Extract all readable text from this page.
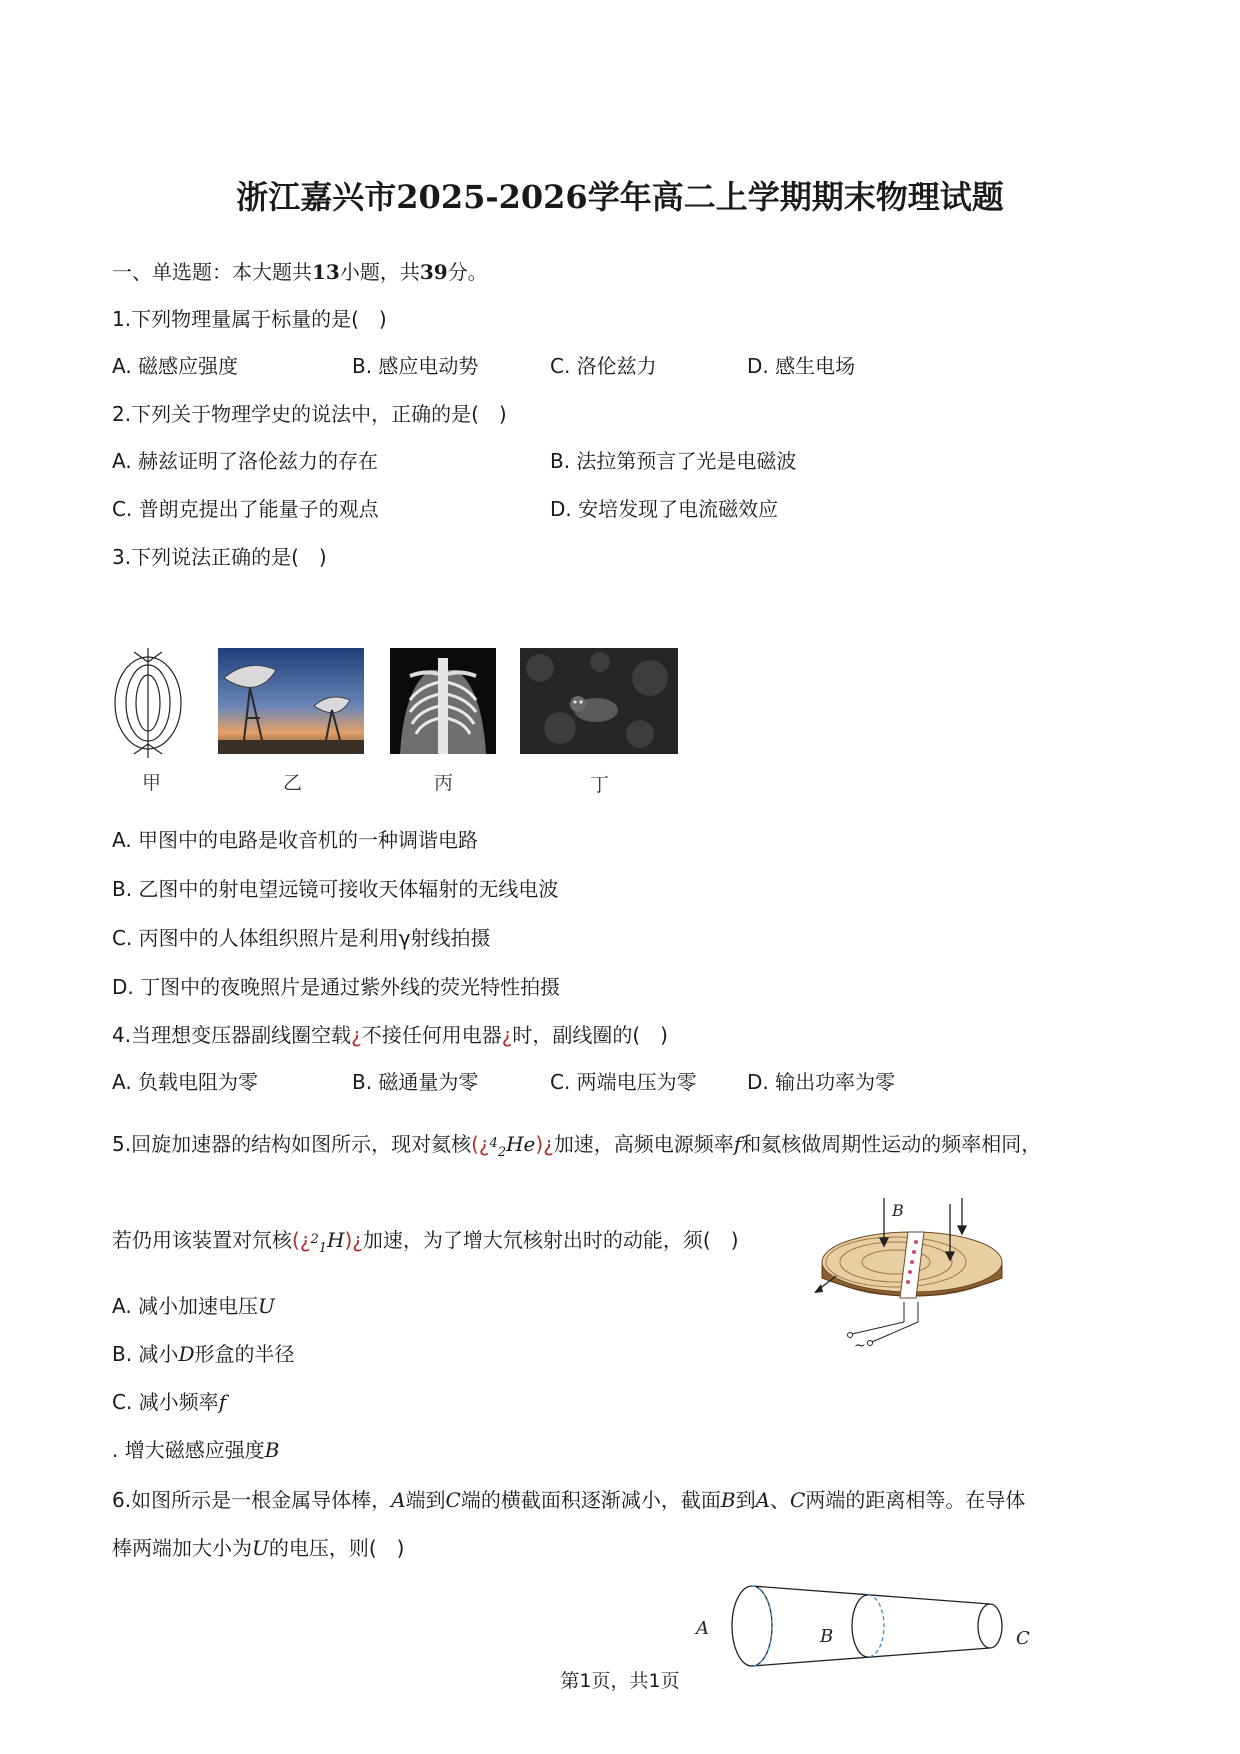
浙江嘉兴市2025-2026学年高二上学期期末物理试题
一、单选题：本大题共13小题，共39分。
1.下列物理量属于标量的是(　)
A. 磁感应强度	B. 感应电动势	C. 洛伦兹力	D. 感生电场
2.下列关于物理学史的说法中，正确的是(　)
A. 赫兹证明了洛伦兹力的存在	B. 法拉第预言了光是电磁波
C. 普朗克提出了能量子的观点	D. 安培发现了电流磁效应
3.下列说法正确的是(　)
甲	乙	丙	丁
A. 甲图中的电路是收音机的一种调谐电路
B. 乙图中的射电望远镜可接收天体辐射的无线电波
C. 丙图中的人体组织照片是利用γ射线拍摄
D. 丁图中的夜晚照片是通过紫外线的荧光特性拍摄
4.当理想变压器副线圈空载¿不接任何用电器¿时，副线圈的(　)
A. 负载电阻为零	B. 磁通量为零	C. 两端电压为零	D. 输出功率为零
5.回旋加速器的结构如图所示，现对氦核$(¿_{42}He)¿$加速，高频电源频率f和氦核做周期性运动的频率相同，
若仍用该装置对氘核$(¿_{21}H)¿$加速，为了增大氘核射出时的动能，须(　)
B
~
A. 减小加速电压U
B. 减小D形盒的半径
C. 减小频率f
. 增大磁感应强度B
6.如图所示是一根金属导体棒，A端到C端的横截面积逐渐减小，截面B到A、C两端的距离相等。在导体
棒两端加大小为U的电压，则(　)
A	B	C
第1页，共1页
